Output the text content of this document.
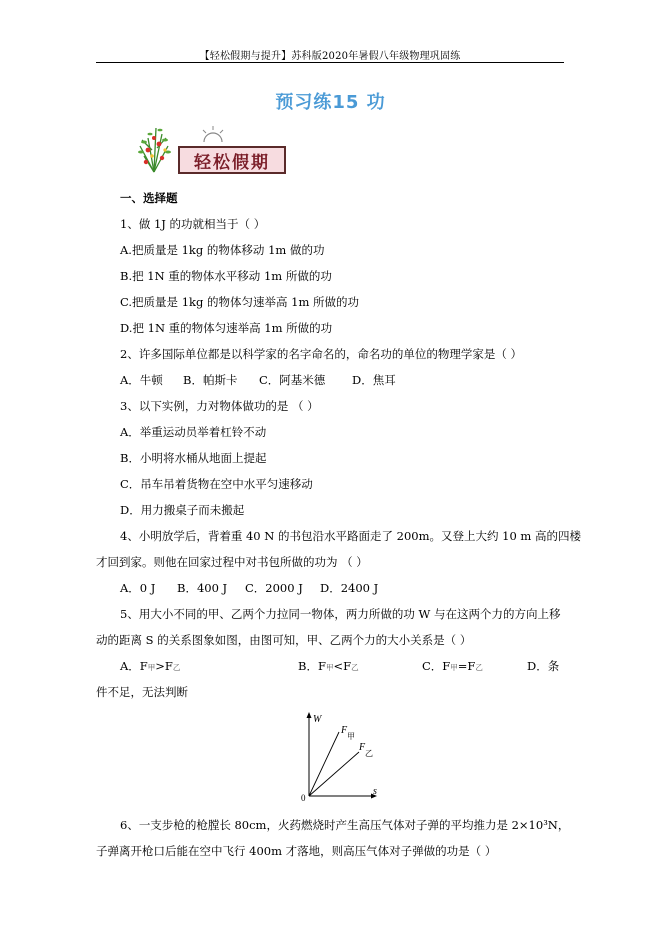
【轻松假期与提升】苏科版2020年暑假八年级物理巩固练
预习练15 功
轻松假期
一、选择题
1、做 1J 的功就相当于（ ）
A.把质量是 1kg 的物体移动 1m 做的功
B.把 1N 重的物体水平移动 1m 所做的功
C.把质量是 1kg 的物体匀速举高 1m 所做的功
D.把 1N 重的物体匀速举高 1m 所做的功
2、许多国际单位都是以科学家的名字命名的，命名功的单位的物理学家是（ ）
A．牛顿 B．帕斯卡 C．阿基米德 D．焦耳
3、以下实例，力对物体做功的是 （ ）
A．举重运动员举着杠铃不动
B．小明将水桶从地面上提起
C．吊车吊着货物在空中水平匀速移动
D．用力搬桌子而未搬起
4、小明放学后，背着重 40 N 的书包沿水平路面走了 200m。又登上大约 10 m 高的四楼
才回到家。则他在回家过程中对书包所做的功为 （ ）
A．0 J B．400 J C．2000 J D．2400 J
5、用大小不同的甲、乙两个力拉同一物体，两力所做的功 W 与在这两个力的方向上移
动的距离 S 的关系图象如图，由图可知，甲、乙两个力的大小关系是（ ）
A．F甲>F乙	B．F甲<F乙	C．F甲=F乙	D．条
件不足，无法判断
W
s
0
F
甲
F
乙
6、一支步枪的枪膛长 80cm，火药燃烧时产生高压气体对子弹的平均推力是 2×10³N，
子弹离开枪口后能在空中飞行 400m 才落地，则高压气体对子弹做的功是（ ）
